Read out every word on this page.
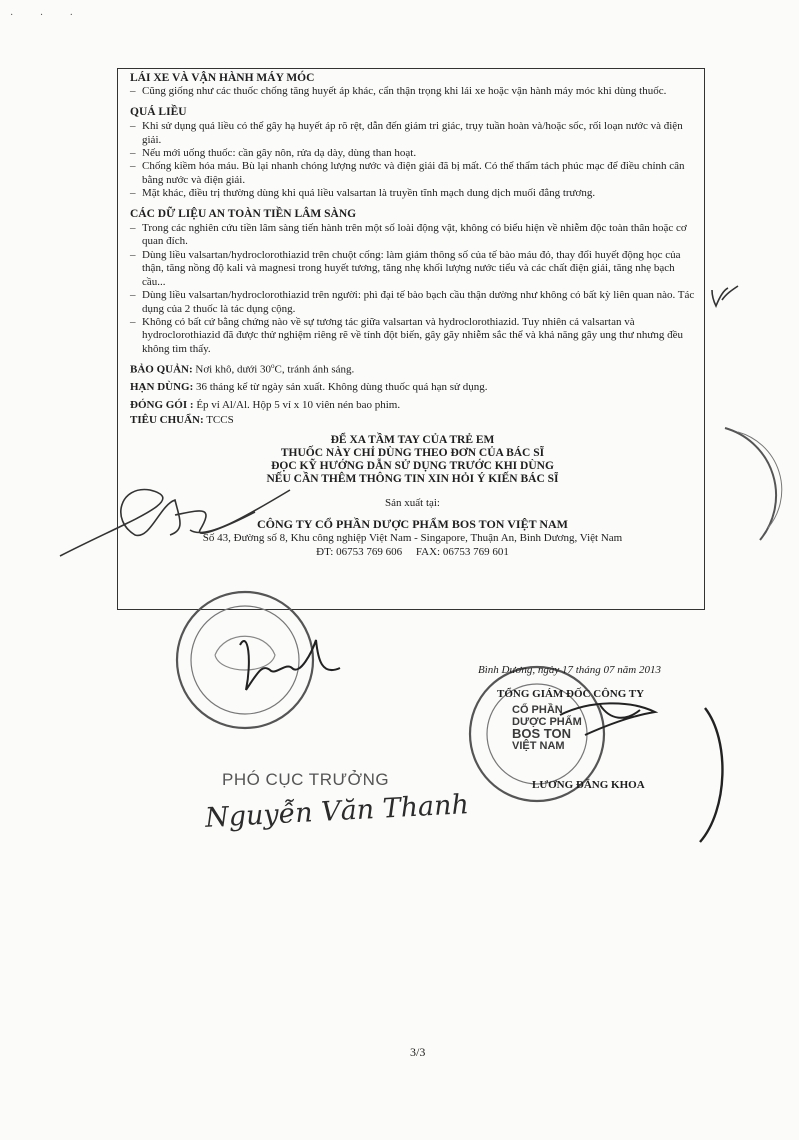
· · ·

LÁI XE VÀ VẬN HÀNH MÁY MÓC

– Cũng giống như các thuốc chống tăng huyết áp khác, cẩn thận trọng khi lái xe hoặc vận hành máy móc khi dùng thuốc.

QUÁ LIỀU

– Khi sử dụng quá liều có thể gây hạ huyết áp rõ rệt, dẫn đến giảm tri giác, trụy tuần hoàn và/hoặc sốc, rối loạn nước và điện giải.

– Nếu mới uống thuốc: cần gây nôn, rửa dạ dày, dùng than hoạt.

– Chống kiềm hóa máu. Bù lại nhanh chóng lượng nước và điện giải đã bị mất. Có thể thẩm tách phúc mạc để điều chỉnh cân bằng nước và điện giải.

– Mặt khác, điều trị thường dùng khi quá liều valsartan là truyền tĩnh mạch dung dịch muối đẳng trương.

CÁC DỮ LIỆU AN TOÀN TIỀN LÂM SÀNG

– Trong các nghiên cứu tiền lâm sàng tiến hành trên một số loài động vật, không có biểu hiện về nhiễm độc toàn thân hoặc cơ quan đích.

– Dùng liều valsartan/hydroclorothiazid trên chuột cống: làm giảm thông số của tế bào máu đỏ, thay đổi huyết động học của thận, tăng nồng độ kali và magnesi trong huyết tương, tăng nhẹ khối lượng nước tiểu và các chất điện giải, tăng nhẹ bạch cầu...

– Dùng liều valsartan/hydroclorothiazid trên người: phì đại tế bào bạch cầu thận dường như không có bất kỳ liên quan nào. Tác dụng của 2 thuốc là tác dụng cộng.

– Không có bất cứ bằng chứng nào về sự tương tác giữa valsartan và hydroclorothiazid. Tuy nhiên cả valsartan và hydroclorothiazid đã được thử nghiệm riêng rẽ về tính đột biến, gây gãy nhiễm sắc thể và khả năng gây ung thư nhưng đều không tìm thấy.

BẢO QUẢN: Nơi khô, dưới 30$^o$C, tránh ánh sáng.

HẠN DÙNG: 36 tháng kể từ ngày sản xuất. Không dùng thuốc quá hạn sử dụng.

ĐÓNG GÓI : Ép vỉ Al/Al. Hộp 5 vỉ x 10 viên nén bao phim.

TIÊU CHUẨN: TCCS

ĐỂ XA TẦM TAY CỦA TRẺ EM
THUỐC NÀY CHỈ DÙNG THEO ĐƠN CỦA BÁC SĨ
ĐỌC KỸ HƯỚNG DẪN SỬ DỤNG TRƯỚC KHI DÙNG
NẾU CẦN THÊM THÔNG TIN XIN HỎI Ý KIẾN BÁC SĨ
Sản xuất tại:
CÔNG TY CỔ PHẦN DƯỢC PHẨM BOS TON VIỆT NAM
Số 43, Đường số 8, Khu công nghiệp Việt Nam - Singapore, Thuận An, Bình Dương, Việt Nam
ĐT: 06753 769 606     FAX: 06753 769 601
Bình Dương, ngày 17 tháng 07 năm 2013
TỔNG GIÁM ĐỐC CÔNG TY
CỔ PHẦN
DƯỢC PHẨM
BOS TON
VIỆT NAM
LƯƠNG ĐĂNG KHOA
PHÓ CỤC TRƯỞNG
Nguyễn Văn Thanh
3/3
